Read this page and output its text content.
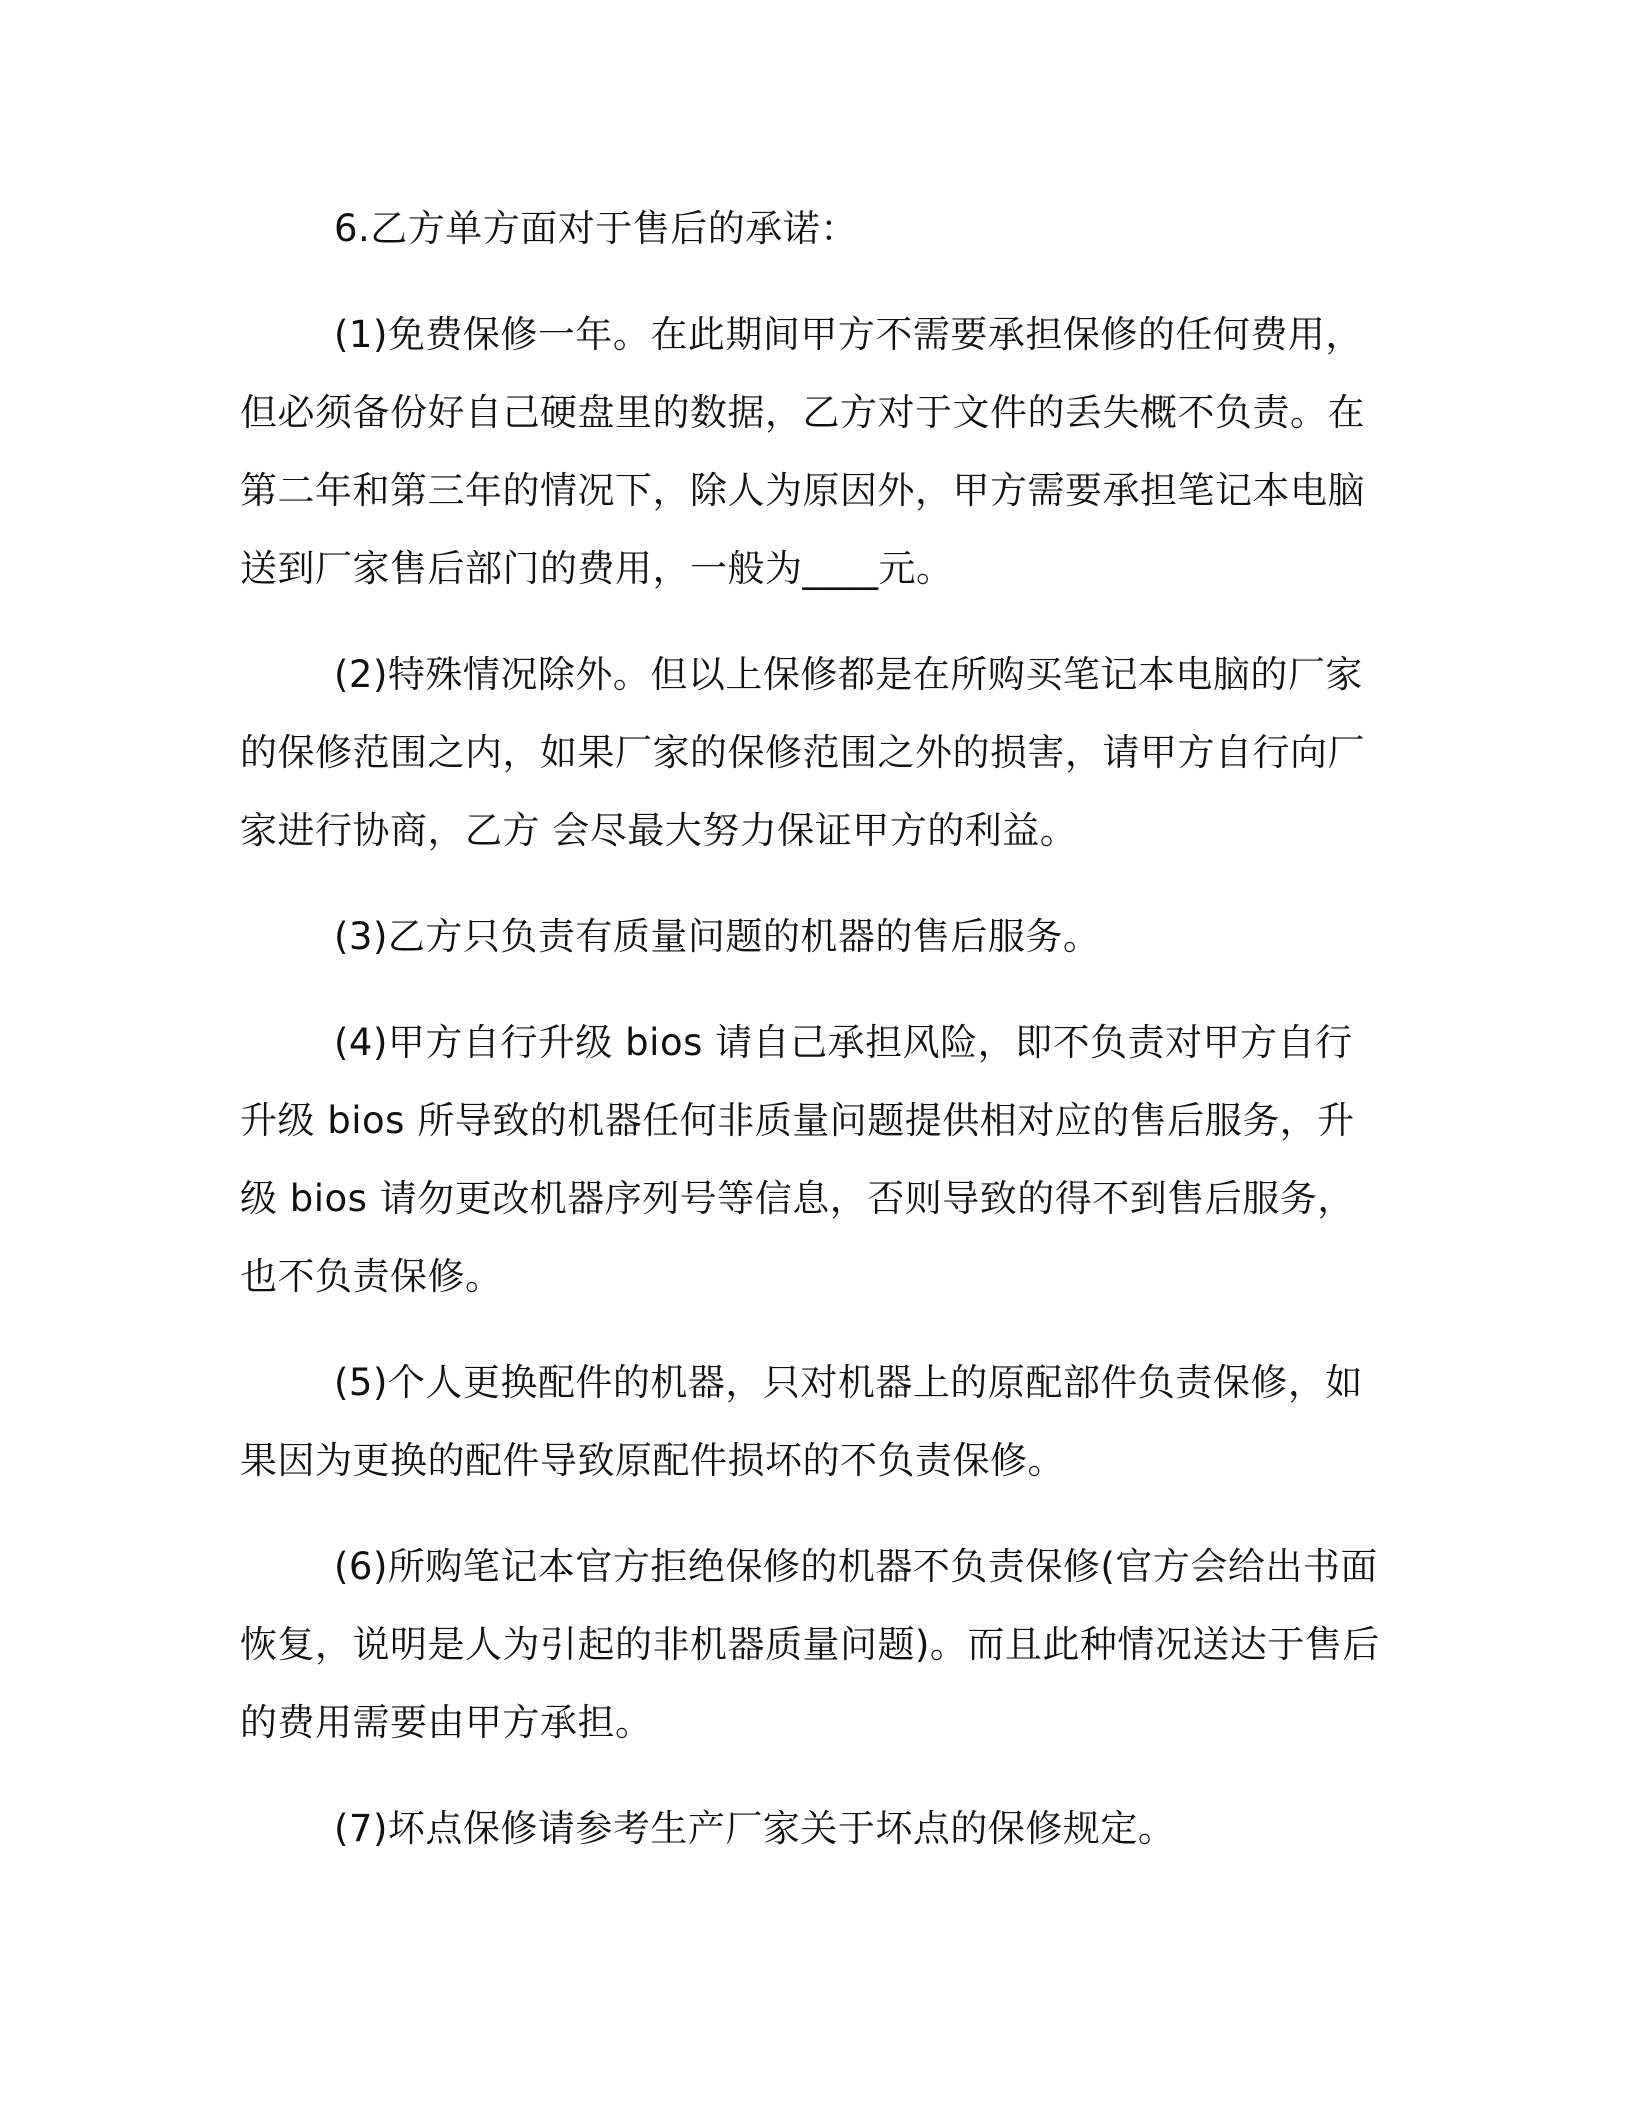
6.乙方单方面对于售后的承诺：

(1)免费保修一年。在此期间甲方不需要承担保修的任何费用，但必须备份好自己硬盘里的数据，乙方对于文件的丢失概不负责。在第二年和第三年的情况下，除人为原因外，甲方需要承担笔记本电脑送到厂家售后部门的费用，一般为____元。

(2)特殊情况除外。但以上保修都是在所购买笔记本电脑的厂家的保修范围之内，如果厂家的保修范围之外的损害，请甲方自行向厂家进行协商，乙方 会尽最大努力保证甲方的利益。

(3)乙方只负责有质量问题的机器的售后服务。

(4)甲方自行升级 bios 请自己承担风险，即不负责对甲方自行升级 bios 所导致的机器任何非质量问题提供相对应的售后服务，升级 bios 请勿更改机器序列号等信息，否则导致的得不到售后服务，也不负责保修。

(5)个人更换配件的机器，只对机器上的原配部件负责保修，如果因为更换的配件导致原配件损坏的不负责保修。

(6)所购笔记本官方拒绝保修的机器不负责保修(官方会给出书面恢复，说明是人为引起的非机器质量问题)。而且此种情况送达于售后的费用需要由甲方承担。

(7)坏点保修请参考生产厂家关于坏点的保修规定。
